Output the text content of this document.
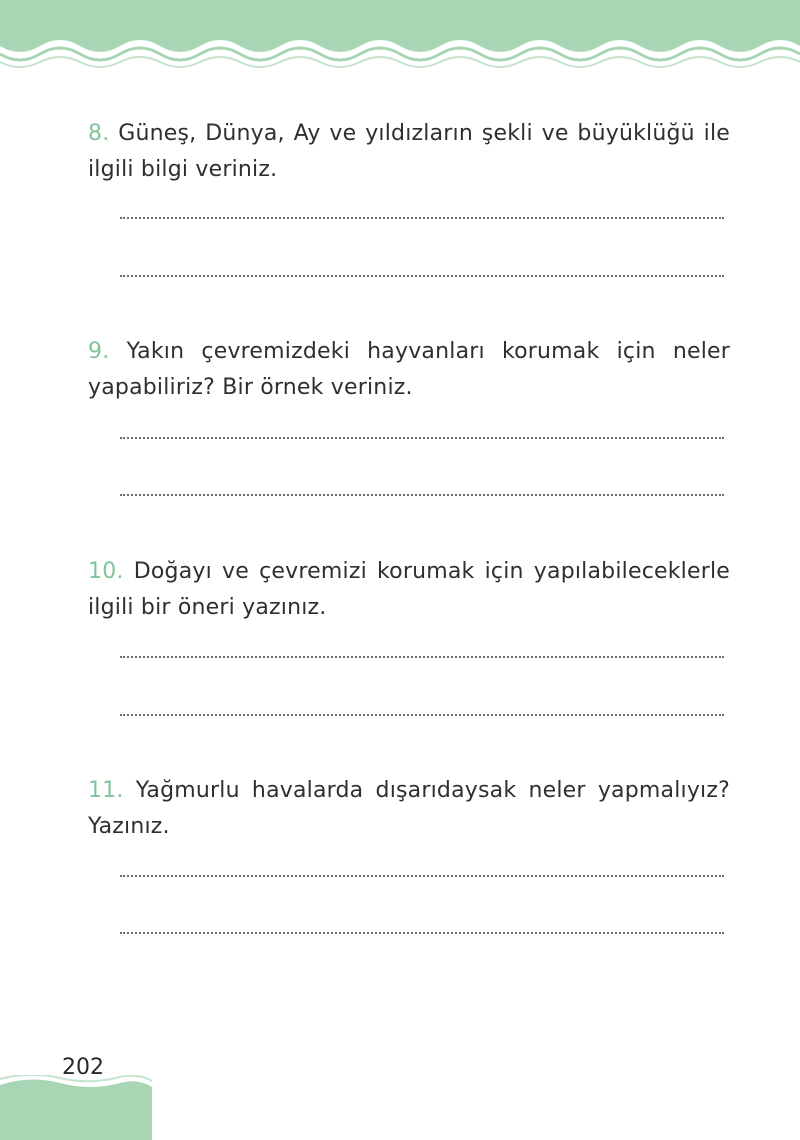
8. Güneş, Dünya, Ay ve yıldızların şekli ve büyüklüğü ile ilgili bilgi veriniz.
9. Yakın çevremizdeki hayvanları korumak için neler yapabiliriz? Bir örnek veriniz.
10. Doğayı ve çevremizi korumak için yapılabileceklerle ilgili bir öneri yazınız.
11. Yağmurlu havalarda dışarıdaysak neler yapmalıyız? Yazınız.
202
